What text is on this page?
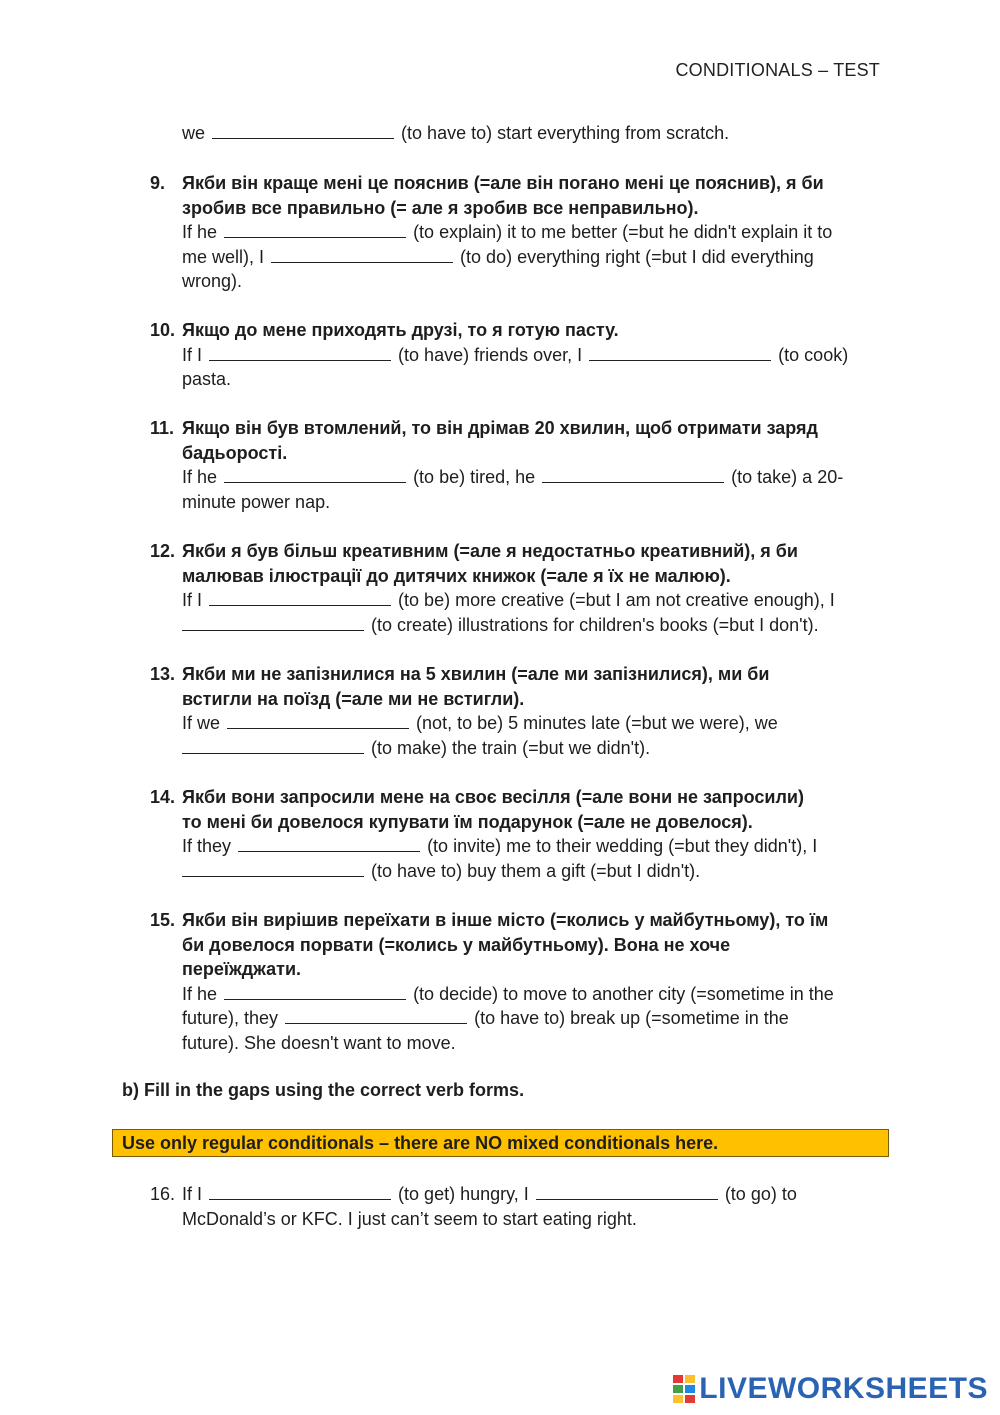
CONDITIONALS – TEST
we	(to have to) start everything from scratch.
9. Якби він краще мені це пояснив (=але він погано мені це пояснив), я би
зробив все правильно (= але я зробив все неправильно).
If he	(to explain) it to me better (=but he didn't explain it to
me well), I	(to do) everything right (=but I did everything
wrong).
10. Якщо до мене приходять друзі, то я готую пасту.
If I	(to have) friends over, I	(to cook)
pasta.
11. Якщо він був втомлений, то він дрімав 20 хвилин, щоб отримати заряд
бадьорості.
If he	(to be) tired, he	(to take) a 20-
minute power nap.
12. Якби я був більш креативним (=але я недостатньо креативний), я би
малював ілюстрації до дитячих книжок (=але я їх не малюю).
If I	(to be) more creative (=but I am not creative enough), I
(to create) illustrations for children's books (=but I don't).
13. Якби ми не запізнилися на 5 хвилин (=але ми запізнилися), ми би
встигли на поїзд (=але ми не встигли).
If we	(not, to be) 5 minutes late (=but we were), we
(to make) the train (=but we didn't).
14. Якби вони запросили мене на своє весілля (=але вони не запросили)
то мені би довелося купувати їм подарунок (=але не довелося).
If they	(to invite) me to their wedding (=but they didn't), I
(to have to) buy them a gift (=but I didn't).
15. Якби він вирішив переїхати в інше місто (=колись у майбутньому), то їм
би довелося порвати (=колись у майбутньому). Вона не хоче
переїжджати.
If he	(to decide) to move to another city (=sometime in the
future), they	(to have to) break up (=sometime in the
future). She doesn't want to move.
b) Fill in the gaps using the correct verb forms.
Use only regular conditionals – there are NO mixed conditionals here.
16. If I	(to get) hungry, I	(to go) to
McDonald’s or KFC. I just can’t seem to start eating right.
LIVEWORKSHEETS
